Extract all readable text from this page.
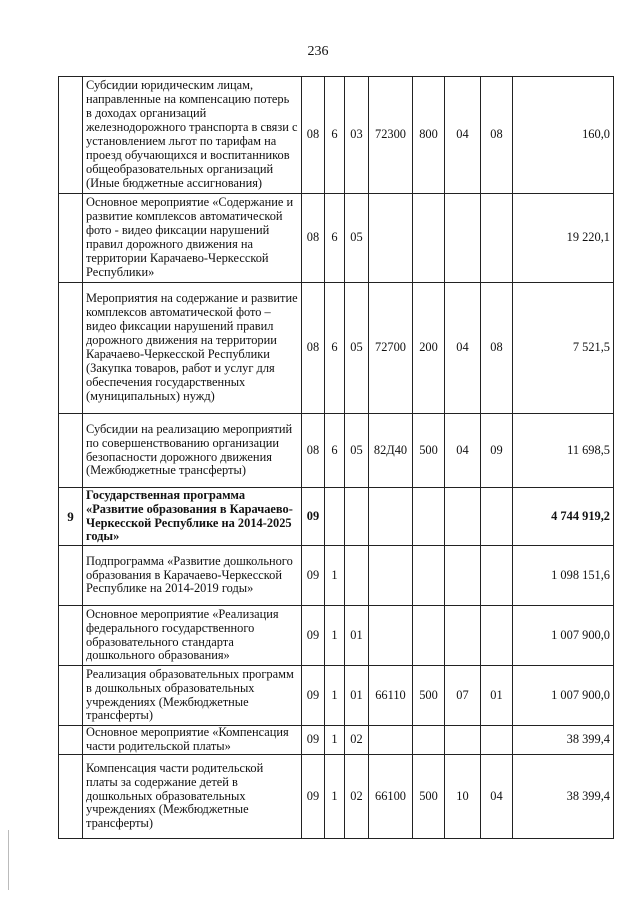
236
	Субсидии юридическим лицам, направленные на компенсацию потерь в доходах организаций железнодорожного транспорта в связи с установлением льгот по тарифам на проезд обучающихся и воспитанников общеобразовательных организаций (Иные бюджетные ассигнования)	08	6	03	72300	800	04	08	160,0
	Основное мероприятие «Содержание и развитие комплексов автоматической фото - видео фиксации нарушений правил дорожного движения на территории Карачаево-Черкесской Республики»	08	6	05					19 220,1
	Мероприятия на содержание и развитие комплексов автоматической фото – видео фиксации нарушений правил дорожного движения на территории Карачаево-Черкесской Республики (Закупка товаров, работ и услуг для обеспечения государственных (муниципальных) нужд)	08	6	05	72700	200	04	08	7 521,5
	Субсидии на реализацию мероприятий по совершенствованию организации безопасности дорожного движения (Межбюджетные трансферты)	08	6	05	82Д40	500	04	09	11 698,5
9	Государственная программа «Развитие образования в Карачаево-Черкесской Республике на 2014-2025 годы»	09							4 744 919,2
	Подпрограмма «Развитие дошкольного образования в Карачаево-Черкесской Республике на 2014-2019 годы»	09	1						1 098 151,6
	Основное мероприятие «Реализация федерального государственного образовательного стандарта дошкольного образования»	09	1	01					1 007 900,0
	Реализация образовательных программ в дошкольных образовательных учреждениях (Межбюджетные трансферты)	09	1	01	66110	500	07	01	1 007 900,0
	Основное мероприятие «Компенсация части родительской платы»	09	1	02					38 399,4
	Компенсация части родительской платы за содержание детей в дошкольных образовательных учреждениях (Межбюджетные трансферты)	09	1	02	66100	500	10	04	38 399,4
